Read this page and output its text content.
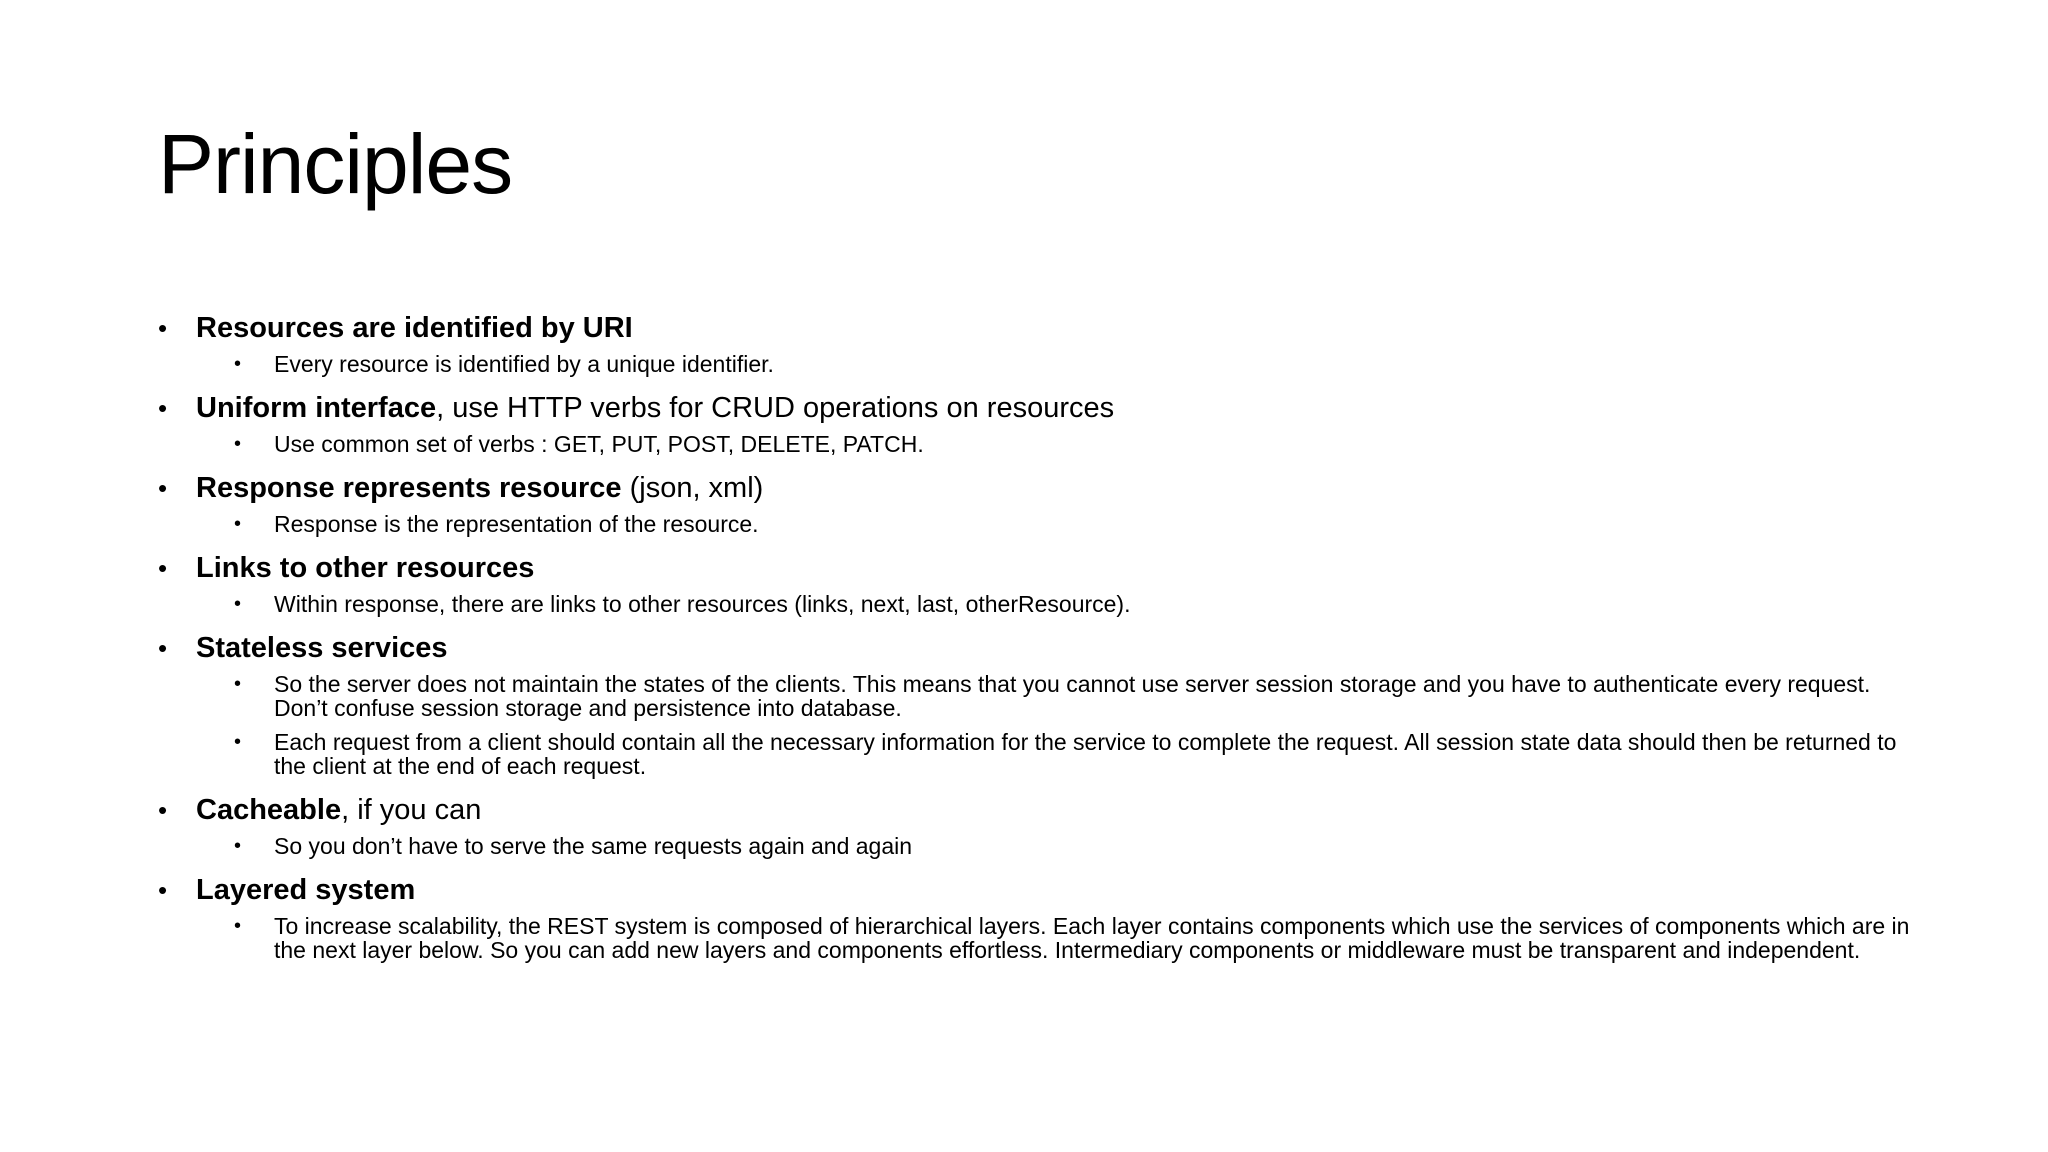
Principles
• Resources are identified by URI
• Every resource is identified by a unique identifier.
• Uniform interface, use HTTP verbs for CRUD operations on resources
• Use common set of verbs : GET, PUT, POST, DELETE, PATCH.
• Response represents resource (json, xml)
• Response is the representation of the resource.
• Links to other resources
• Within response, there are links to other resources (links, next, last, otherResource).
• Stateless services
• So the server does not maintain the states of the clients. This means that you cannot use server session storage and you have to authenticate every request. Don’t confuse session storage and persistence into database.
• Each request from a client should contain all the necessary information for the service to complete the request. All session state data should then be returned to the client at the end of each request.
• Cacheable, if you can
• So you don’t have to serve the same requests again and again
• Layered system
• To increase scalability, the REST system is composed of hierarchical layers. Each layer contains components which use the services of components which are in the next layer below. So you can add new layers and components effortless. Intermediary components or middleware must be transparent and independent.
